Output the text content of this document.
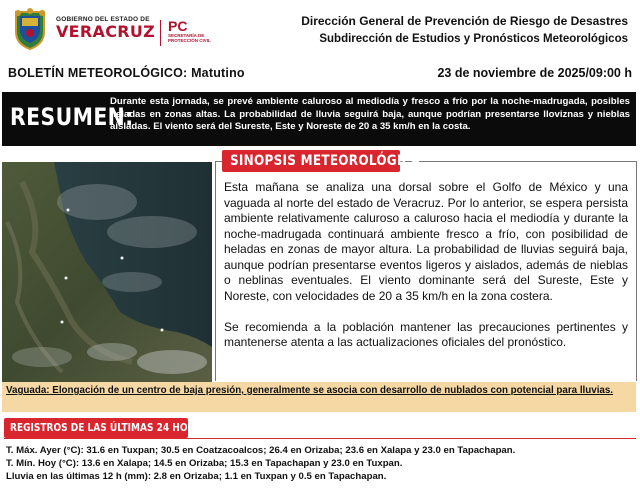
GOBIERNO DEL ESTADO DE
VERACRUZ PC
SECRETARÍA DE
PROTECCIÓN CIVIL
Dirección General de Prevención de Riesgo de Desastres
Subdirección de Estudios y Pronósticos Meteorológicos
BOLETÍN METEOROLÓGICO: Matutino	23 de noviembre de 2025/09:00 h
RESUMEN:
Durante esta jornada, se prevé ambiente caluroso al mediodía y fresco a frío por la noche-madrugada, posibles heladas en zonas altas. La probabilidad de lluvia seguirá baja, aunque podrían presentarse lloviznas y nieblas aisladas. El viento será del Sureste, Este y Noreste de 20 a 35 km/h en la costa.
SINOPSIS METEOROLÓGICA

Esta mañana se analiza una dorsal sobre el Golfo de México y una vaguada al norte del estado de Veracruz. Por lo anterior, se espera persista ambiente relativamente caluroso a caluroso hacia el mediodía y durante la noche-madrugada continuará ambiente fresco a frío, con posibilidad de heladas en zonas de mayor altura. La probabilidad de lluvias seguirá baja, aunque podrían presentarse eventos ligeros y aislados, además de nieblas o neblinas eventuales. El viento dominante será del Sureste, Este y Noreste, con velocidades de 20 a 35 km/h en la zona costera.

Se recomienda a la población mantener las precauciones pertinentes y mantenerse atenta a las actualizaciones oficiales del pronóstico.

Vaguada: Elongación de un centro de baja presión, generalmente se asocia con desarrollo de nublados con potencial para lluvias.
REGISTROS DE LAS ÚLTIMAS 24 HORAS
T. Máx. Ayer (°C): 31.6 en Tuxpan; 30.5 en Coatzacoalcos; 26.4 en Orizaba; 23.6 en Xalapa y 23.0 en Tapachapan.
T. Mín. Hoy (°C): 13.6 en Xalapa; 14.5 en Orizaba; 15.3 en Tapachapan y 23.0 en Tuxpan.
Lluvia en las últimas 12 h (mm): 2.8 en Orizaba; 1.1 en Tuxpan y 0.5 en Tapachapan.
